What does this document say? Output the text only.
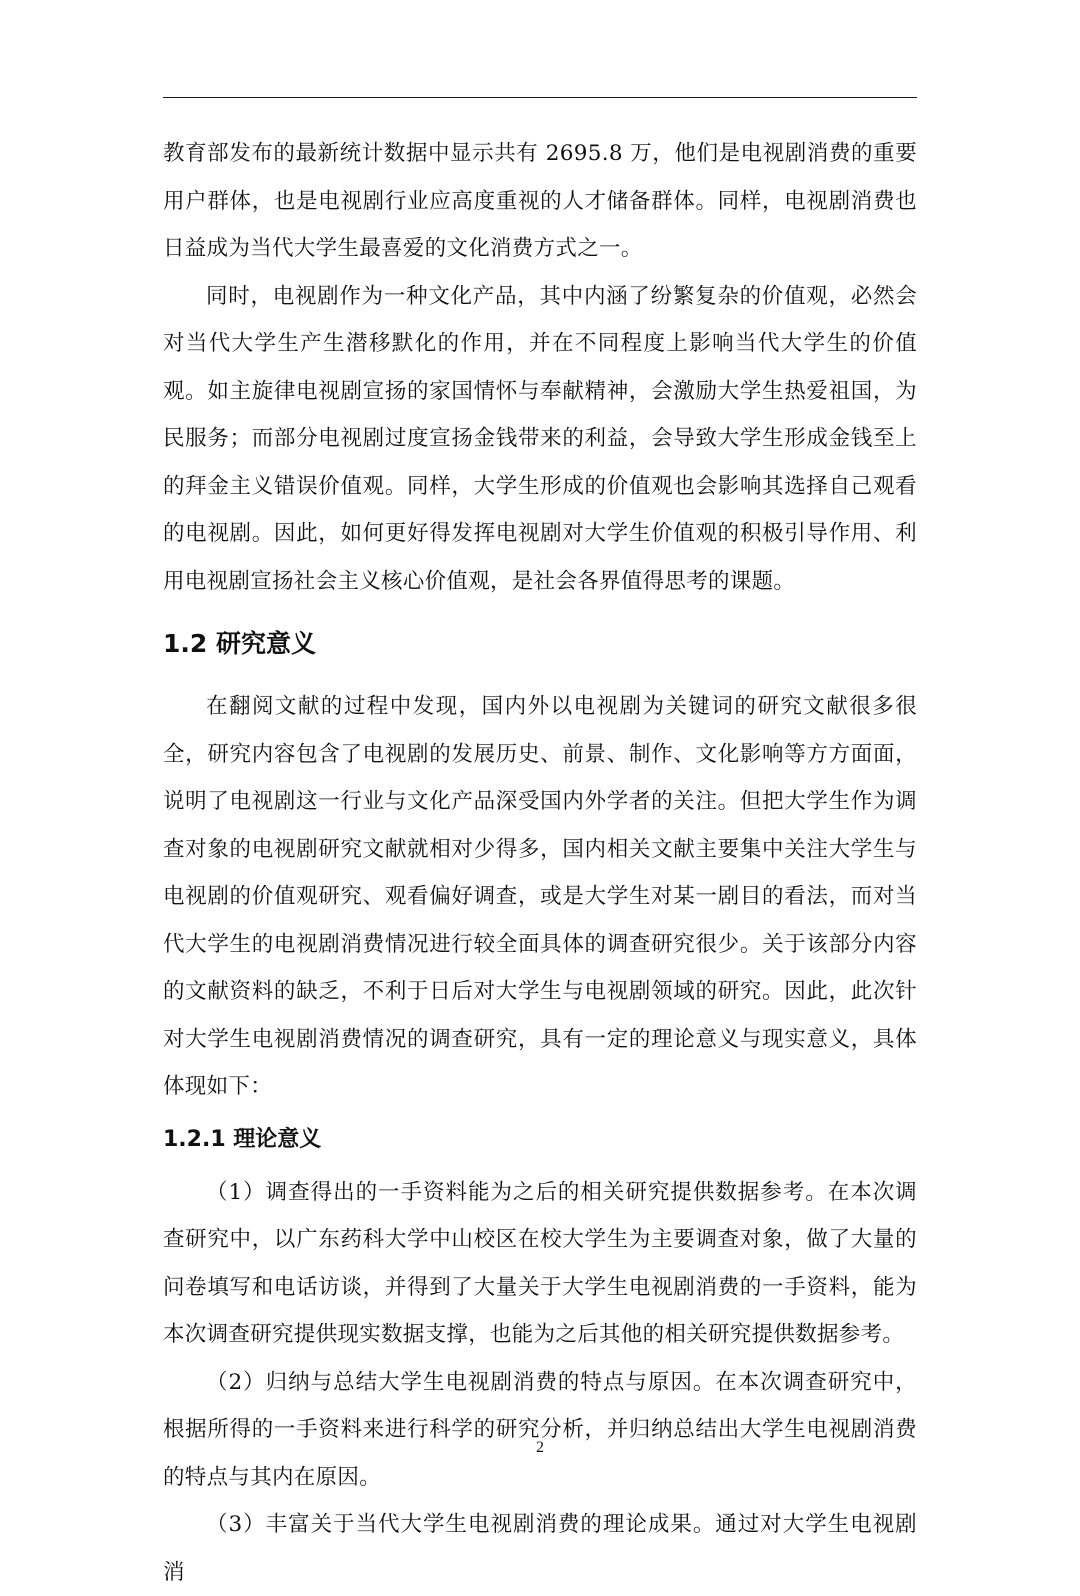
教育部发布的最新统计数据中显示共有 2695.8 万，他们是电视剧消费的重要用户群体，也是电视剧行业应高度重视的人才储备群体。同样，电视剧消费也日益成为当代大学生最喜爱的文化消费方式之一。

同时，电视剧作为一种文化产品，其中内涵了纷繁复杂的价值观，必然会对当代大学生产生潜移默化的作用，并在不同程度上影响当代大学生的价值观。如主旋律电视剧宣扬的家国情怀与奉献精神，会激励大学生热爱祖国，为民服务；而部分电视剧过度宣扬金钱带来的利益，会导致大学生形成金钱至上的拜金主义错误价值观。同样，大学生形成的价值观也会影响其选择自己观看的电视剧。因此，如何更好得发挥电视剧对大学生价值观的积极引导作用、利用电视剧宣扬社会主义核心价值观，是社会各界值得思考的课题。

1.2 研究意义

在翻阅文献的过程中发现，国内外以电视剧为关键词的研究文献很多很全，研究内容包含了电视剧的发展历史、前景、制作、文化影响等方方面面，说明了电视剧这一行业与文化产品深受国内外学者的关注。但把大学生作为调查对象的电视剧研究文献就相对少得多，国内相关文献主要集中关注大学生与电视剧的价值观研究、观看偏好调查，或是大学生对某一剧目的看法，而对当代大学生的电视剧消费情况进行较全面具体的调查研究很少。关于该部分内容的文献资料的缺乏，不利于日后对大学生与电视剧领域的研究。因此，此次针对大学生电视剧消费情况的调查研究，具有一定的理论意义与现实意义，具体体现如下：

1.2.1 理论意义

（1）调查得出的一手资料能为之后的相关研究提供数据参考。在本次调查研究中，以广东药科大学中山校区在校大学生为主要调查对象，做了大量的问卷填写和电话访谈，并得到了大量关于大学生电视剧消费的一手资料，能为本次调查研究提供现实数据支撑，也能为之后其他的相关研究提供数据参考。

（2）归纳与总结大学生电视剧消费的特点与原因。在本次调查研究中，根据所得的一手资料来进行科学的研究分析，并归纳总结出大学生电视剧消费的特点与其内在原因。

（3）丰富关于当代大学生电视剧消费的理论成果。通过对大学生电视剧消

2
